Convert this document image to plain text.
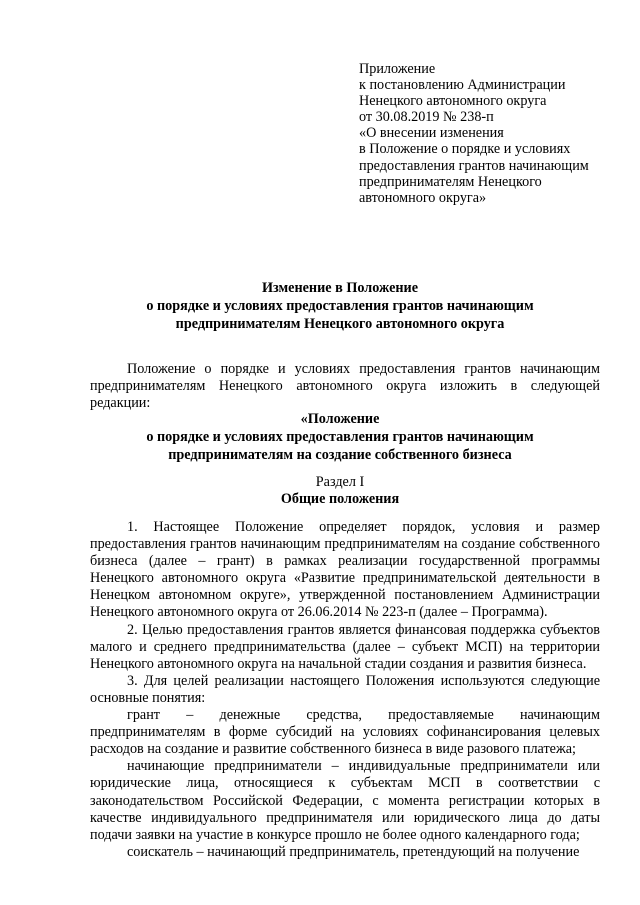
Приложение
к постановлению Администрации
Ненецкого автономного округа
от 30.08.2019 № 238-п
«О внесении изменения
в Положение о порядке и условиях
предоставления грантов начинающим
предпринимателям Ненецкого
автономного округа»
Изменение в Положение
о порядке и условиях предоставления грантов начинающим
предпринимателям Ненецкого автономного округа

Положение о порядке и условиях предоставления грантов начинающим предпринимателям Ненецкого автономного округа изложить в следующей редакции:

«Положение
о порядке и условиях предоставления грантов начинающим
предпринимателям на создание собственного бизнеса
Раздел I
Общие положения

1. Настоящее Положение определяет порядок, условия и размер предоставления грантов начинающим предпринимателям на создание собственного бизнеса (далее – грант) в рамках реализации государственной программы Ненецкого автономного округа «Развитие предпринимательской деятельности в Ненецком автономном округе», утвержденной постановлением Администрации Ненецкого автономного округа от 26.06.2014 № 223-п (далее – Программа).

2. Целью предоставления грантов является финансовая поддержка субъектов малого и среднего предпринимательства (далее – субъект МСП) на территории Ненецкого автономного округа на начальной стадии создания и развития бизнеса.

3. Для целей реализации настоящего Положения используются следующие основные понятия:

грант – денежные средства, предоставляемые начинающим предпринимателям в форме субсидий на условиях софинансирования целевых расходов на создание и развитие собственного бизнеса в виде разового платежа;

начинающие предприниматели – индивидуальные предприниматели или юридические лица, относящиеся к субъектам МСП в соответствии с законодательством Российской Федерации, с момента регистрации которых в качестве индивидуального предпринимателя или юридического лица до даты подачи заявки на участие в конкурсе прошло не более одного календарного года;

соискатель – начинающий предприниматель, претендующий на получение
